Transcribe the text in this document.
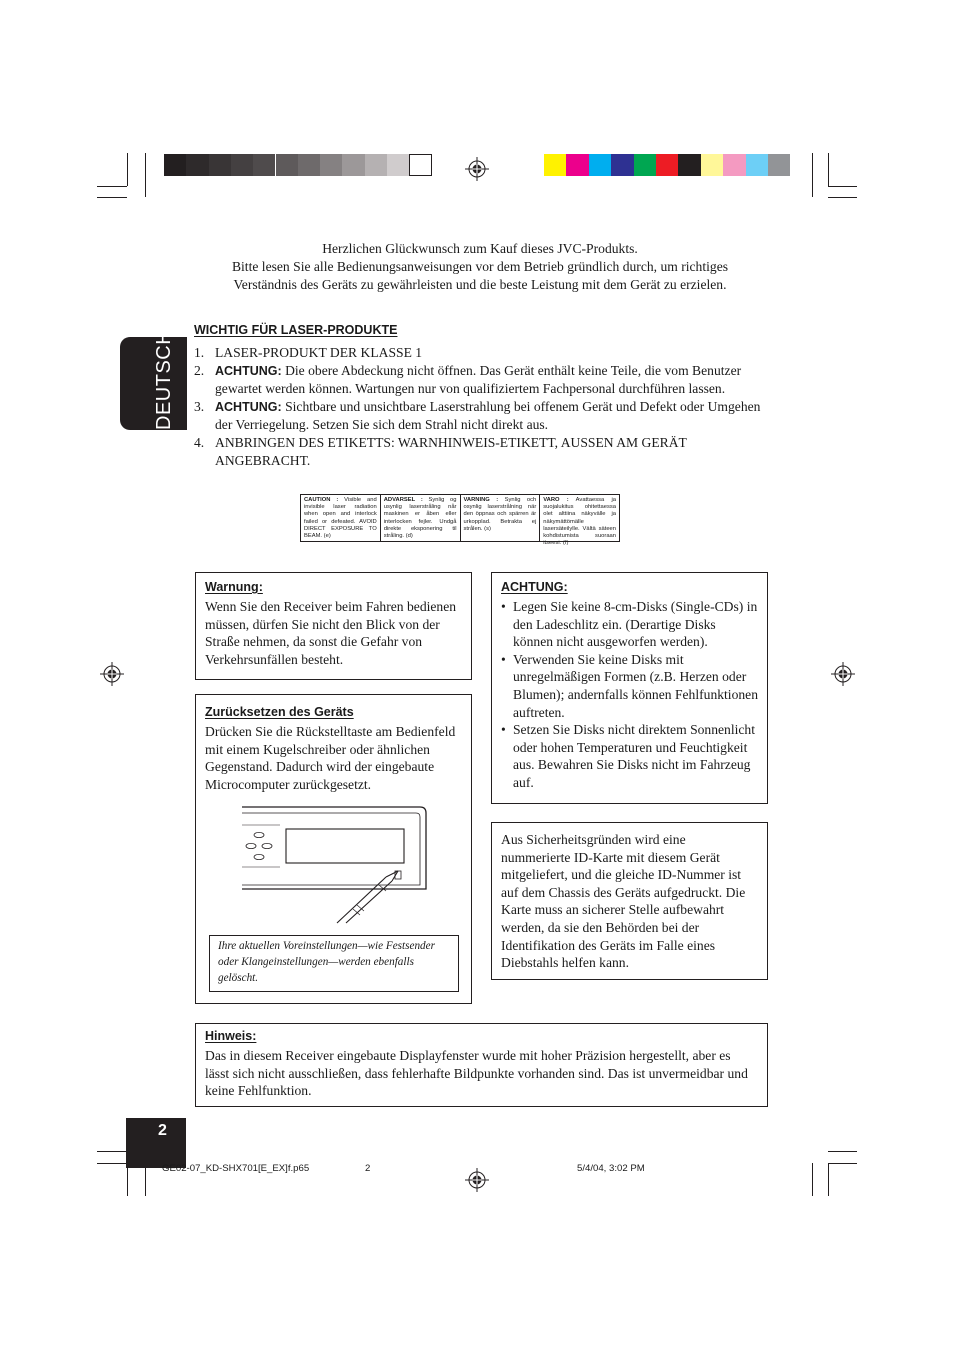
Herzlichen Glückwunsch zum Kauf dieses JVC-Produkts.
Bitte lesen Sie alle Bedienungsanweisungen vor dem Betrieb gründlich durch, um richtiges
Verständnis des Geräts zu gewährleisten und die beste Leistung mit dem Gerät zu erzielen.
DEUTSCH	WICHTIG FÜR LASER-PRODUKTE
1. LASER-PRODUKT DER KLASSE 1
2. ACHTUNG: Die obere Abdeckung nicht öffnen. Das Gerät enthält keine Teile, die vom Benutzer gewartet werden können. Wartungen nur von qualifiziertem Fachpersonal durchführen lassen.
3. ACHTUNG: Sichtbare und unsichtbare Laserstrahlung bei offenem Gerät und Defekt oder Umgehen der Verriegelung. Setzen Sie sich dem Strahl nicht direkt aus.
4. ANBRINGEN DES ETIKETTS: WARNHINWEIS-ETIKETT, AUSSEN AM GERÄT ANGEBRACHT.
CAUTION : Visible and invisible laser radiation when open and interlock failed or defeated. AVOID DIRECT EXPOSURE TO BEAM. (e)
ADVARSEL : Synlig og usynlig laserstråling når maskinen er åben eller interlocken fejler. Undgå direkte eksponering til stråling. (d)
VARNING : Synlig och osynlig laserstrålning när den öppnas och spärren är urkopplad. Betrakta ej strålen. (s)
VARO : Avattaessa ja suojalukitus ohitettaessa olet alttiina näkyvälle ja näkymättömälle lasersäteilylle. Vältä säteen kohdistumista suoraan itseesi. (f)
Warnung:
Wenn Sie den Receiver beim Fahren bedienen müssen, dürfen Sie nicht den Blick von der Straße nehmen, da sonst die Gefahr von Verkehrsunfällen besteht.
Zurücksetzen des Geräts
Drücken Sie die Rückstelltaste am Bedienfeld mit einem Kugelschreiber oder ähnlichen Gegenstand. Dadurch wird der eingebaute Microcomputer zurückgesetzt.
Ihre aktuellen Voreinstellungen—wie Festsender oder Klangeinstellungen—werden ebenfalls gelöscht.
ACHTUNG:
• Legen Sie keine 8-cm-Disks (Single-CDs) in den Ladeschlitz ein. (Derartige Disks können nicht ausgeworfen werden).
• Verwenden Sie keine Disks mit unregelmäßigen Formen (z.B. Herzen oder Blumen); andernfalls können Fehlfunktionen auftreten.
• Setzen Sie Disks nicht direktem Sonnenlicht oder hohen Temperaturen und Feuchtigkeit aus. Bewahren Sie Disks nicht im Fahrzeug auf.
Aus Sicherheitsgründen wird eine nummerierte ID-Karte mit diesem Gerät mitgeliefert, und die gleiche ID-Nummer ist auf dem Chassis des Geräts aufgedruckt. Die Karte muss an sicherer Stelle aufbewahrt werden, da sie den Behörden bei der Identifikation des Geräts im Falle eines Diebstahls helfen kann.
Hinweis:
Das in diesem Receiver eingebaute Displayfenster wurde mit hoher Präzision hergestellt, aber es lässt sich nicht ausschließen, dass fehlerhafte Bildpunkte vorhanden sind. Das ist unvermeidbar und keine Fehlfunktion.
2
GE02-07_KD-SHX701[E_EX]f.p65	2	5/4/04, 3:02 PM
